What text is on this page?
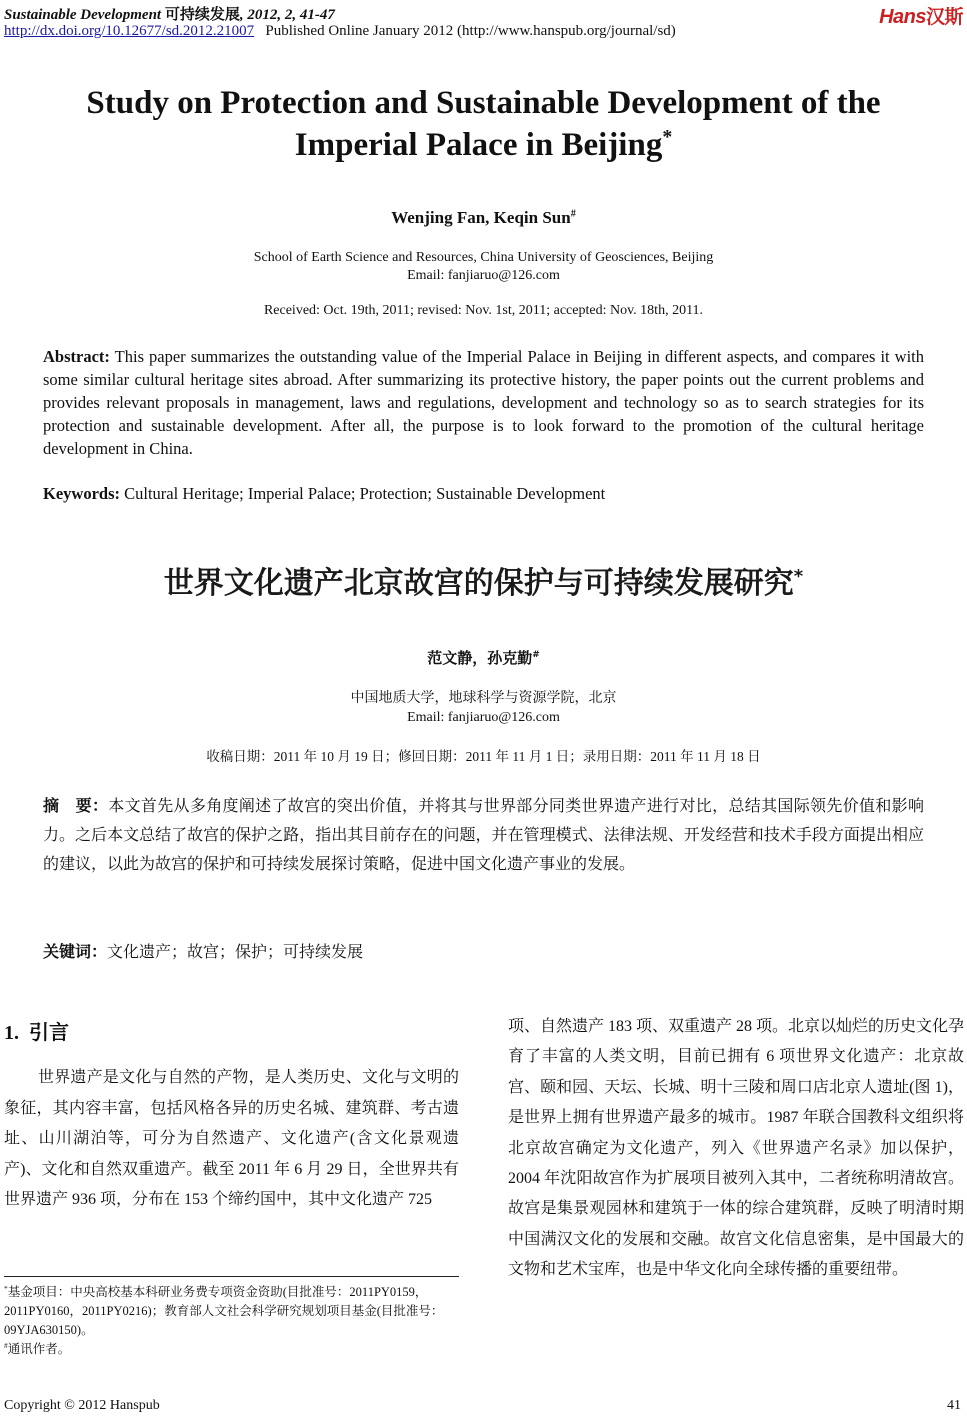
Sustainable Development 可持续发展, 2012, 2, 41-47
http://dx.doi.org/10.12677/sd.2012.21007 Published Online January 2012 (http://www.hanspub.org/journal/sd)
Hans汉斯
Study on Protection and Sustainable Development of the
Imperial Palace in Beijing*
Wenjing Fan, Keqin Sun#
School of Earth Science and Resources, China University of Geosciences, Beijing
Email: fanjiaruo@126.com
Received: Oct. 19th, 2011; revised: Nov. 1st, 2011; accepted: Nov. 18th, 2011.
Abstract: This paper summarizes the outstanding value of the Imperial Palace in Beijing in different aspects, and compares it with some similar cultural heritage sites abroad. After summarizing its protective history, the paper points out the current problems and provides relevant proposals in management, laws and regulations, development and technology so as to search strategies for its protection and sustainable development. After all, the purpose is to look forward to the promotion of the cultural heritage development in China.
Keywords: Cultural Heritage; Imperial Palace; Protection; Sustainable Development
世界文化遗产北京故宫的保护与可持续发展研究*
范文静，孙克勤#
中国地质大学，地球科学与资源学院，北京
Email: fanjiaruo@126.com
收稿日期：2011 年 10 月 19 日；修回日期：2011 年 11 月 1 日；录用日期：2011 年 11 月 18 日
摘　要：本文首先从多角度阐述了故宫的突出价值，并将其与世界部分同类世界遗产进行对比，总结其国际领先价值和影响力。之后本文总结了故宫的保护之路，指出其目前存在的问题，并在管理模式、法律法规、开发经营和技术手段方面提出相应的建议，以此为故宫的保护和可持续发展探讨策略，促进中国文化遗产事业的发展。
关键词：文化遗产；故宫；保护；可持续发展
1. 引言
世界遗产是文化与自然的产物，是人类历史、文化与文明的象征，其内容丰富，包括风格各异的历史名城、建筑群、考古遗址、山川湖泊等，可分为自然遗产、文化遗产(含文化景观遗产)、文化和自然双重遗产。截至 2011 年 6 月 29 日，全世界共有世界遗产 936 项，分布在 153 个缔约国中，其中文化遗产 725
项、自然遗产 183 项、双重遗产 28 项。北京以灿烂的历史文化孕育了丰富的人类文明，目前已拥有 6 项世界文化遗产：北京故宫、颐和园、天坛、长城、明十三陵和周口店北京人遗址(图 1)，是世界上拥有世界遗产最多的城市。1987 年联合国教科文组织将北京故宫确定为文化遗产，列入《世界遗产名录》加以保护，2004 年沈阳故宫作为扩展项目被列入其中，二者统称明清故宫。故宫是集景观园林和建筑于一体的综合建筑群，反映了明清时期中国满汉文化的发展和交融。故宫文化信息密集，是中国最大的文物和艺术宝库，也是中华文化向全球传播的重要纽带。
*基金项目：中央高校基本科研业务费专项资金资助(目批准号：2011PY0159，2011PY0160，2011PY0216)；教育部人文社会科学研究规划项目基金(目批准号：09YJA630150)。
#通讯作者。
Copyright © 2012 Hanspub	41
